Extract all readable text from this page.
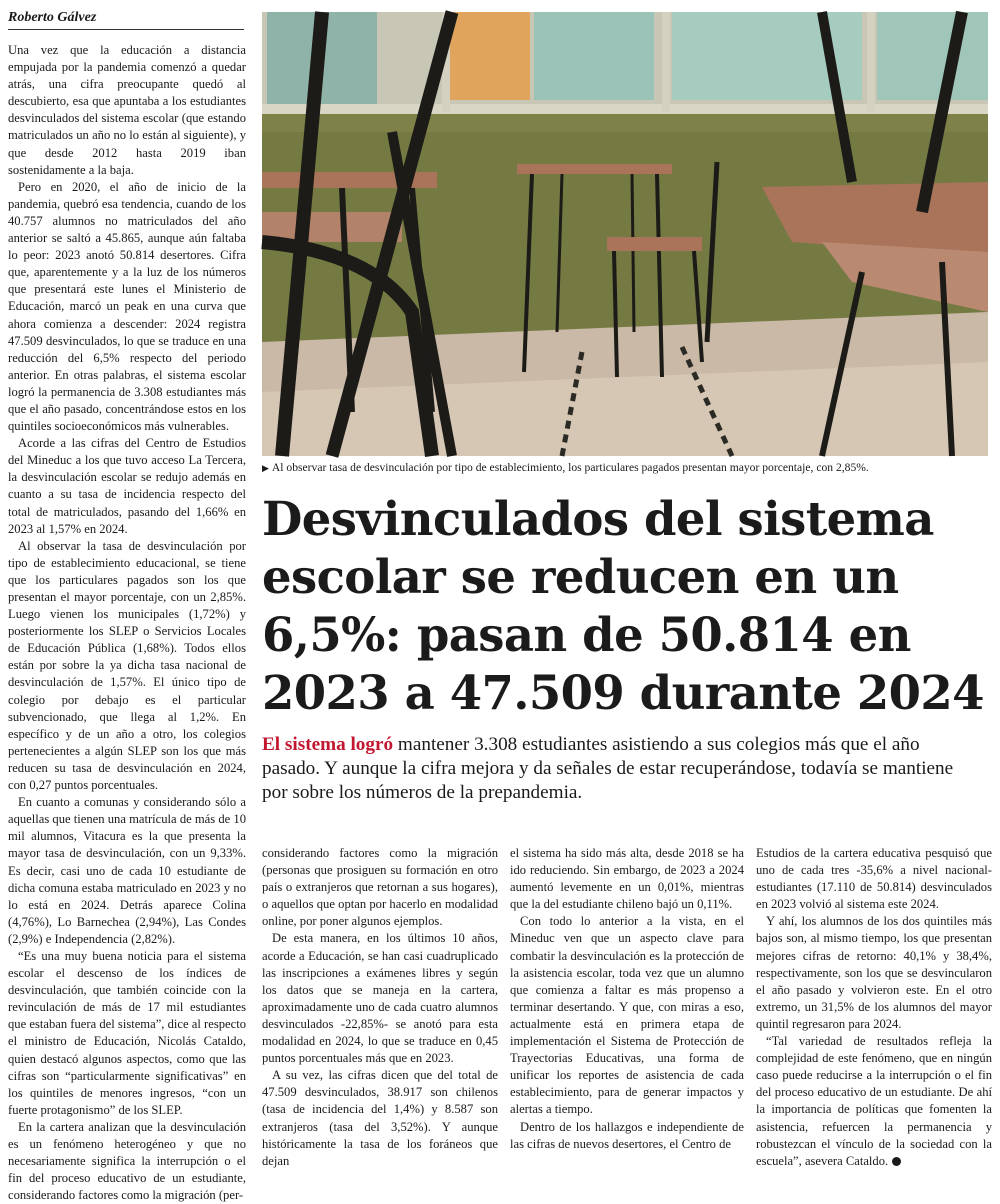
Roberto Gálvez

Una vez que la educación a distancia empujada por la pandemia comenzó a quedar atrás, una cifra preocupante quedó al descubierto, esa que apuntaba a los estudiantes desvinculados del sistema escolar (que estando matriculados un año no lo están al siguiente), y que desde 2012 hasta 2019 iban sostenidamente a la baja.

Pero en 2020, el año de inicio de la pandemia, quebró esa tendencia, cuando de los 40.757 alumnos no matriculados del año anterior se saltó a 45.865, aunque aún faltaba lo peor: 2023 anotó 50.814 desertores. Cifra que, aparentemente y a la luz de los números que presentará este lunes el Ministerio de Educación, marcó un peak en una curva que ahora comienza a descender: 2024 registra 47.509 desvinculados, lo que se traduce en una reducción del 6,5% respecto del periodo anterior. En otras palabras, el sistema escolar logró la permanencia de 3.308 estudiantes más que el año pasado, concentrándose estos en los quintiles socioeconómicos más vulnerables.

Acorde a las cifras del Centro de Estudios del Mineduc a los que tuvo acceso La Tercera, la desvinculación escolar se redujo además en cuanto a su tasa de incidencia respecto del total de matriculados, pasando del 1,66% en 2023 al 1,57% en 2024.

Al observar la tasa de desvinculación por tipo de establecimiento educacional, se tiene que los particulares pagados son los que presentan el mayor porcentaje, con un 2,85%. Luego vienen los municipales (1,72%) y posteriormente los SLEP o Servicios Locales de Educación Pública (1,68%). Todos ellos están por sobre la ya dicha tasa nacional de desvinculación de 1,57%. El único tipo de colegio por debajo es el particular subvencionado, que llega al 1,2%. En específico y de un año a otro, los colegios pertenecientes a algún SLEP son los que más reducen su tasa de desvinculación en 2024, con 0,27 puntos porcentuales.

En cuanto a comunas y considerando sólo a aquellas que tienen una matrícula de más de 10 mil alumnos, Vitacura es la que presenta la mayor tasa de desvinculación, con un 9,33%. Es decir, casi uno de cada 10 estudiante de dicha comuna estaba matriculado en 2023 y no lo está en 2024. Detrás aparece Colina (4,76%), Lo Barnechea (2,94%), Las Condes (2,9%) e Independencia (2,82%).

“Es una muy buena noticia para el sistema escolar el descenso de los índices de desvinculación, que también coincide con la revinculación de más de 17 mil estudiantes que estaban fuera del sistema”, dice al respecto el ministro de Educación, Nicolás Cataldo, quien destacó algunos aspectos, como que las cifras son “particularmente significativas” en los quintiles de menores ingresos, “con un fuerte protagonismo” de los SLEP.

En la cartera analizan que la desvinculación es un fenómeno heterogéneo y que no necesariamente significa la interrupción o el fin del proceso educativo de un estudiante, considerando factores como la migración (per-

▶ Al observar tasa de desvinculación por tipo de establecimiento, los particulares pagados presentan mayor porcentaje, con 2,85%.
Desvinculados del sistema escolar se reducen en un 6,5%: pasan de 50.814 en 2023 a 47.509 durante 2024

El sistema logró mantener 3.308 estudiantes asistiendo a sus colegios más que el año pasado. Y aunque la cifra mejora y da señales de estar recuperándose, todavía se mantiene por sobre los números de la prepandemia.

considerando factores como la migración (personas que prosiguen su formación en otro país o extranjeros que retornan a sus hogares), o aquellos que optan por hacerlo en modalidad online, por poner algunos ejemplos.

De esta manera, en los últimos 10 años, acorde a Educación, se han casi cuadruplicado las inscripciones a exámenes libres y según los datos que se maneja en la cartera, aproximadamente uno de cada cuatro alumnos desvinculados -22,85%- se anotó para esta modalidad en 2024, lo que se traduce en 0,45 puntos porcentuales más que en 2023.

A su vez, las cifras dicen que del total de 47.509 desvinculados, 38.917 son chilenos (tasa de incidencia del 1,4%) y 8.587 son extranjeros (tasa del 3,52%). Y aunque históricamente la tasa de los foráneos que dejan

el sistema ha sido más alta, desde 2018 se ha ido reduciendo. Sin embargo, de 2023 a 2024 aumentó levemente en un 0,01%, mientras que la del estudiante chileno bajó un 0,11%.

Con todo lo anterior a la vista, en el Mineduc ven que un aspecto clave para combatir la desvinculación es la protección de la asistencia escolar, toda vez que un alumno que comienza a faltar es más propenso a terminar desertando. Y que, con miras a eso, actualmente está en primera etapa de implementación el Sistema de Protección de Trayectorias Educativas, una forma de unificar los reportes de asistencia de cada establecimiento, para de generar impactos y alertas a tiempo.

Dentro de los hallazgos e independiente de las cifras de nuevos desertores, el Centro de

Estudios de la cartera educativa pesquisó que uno de cada tres -35,6% a nivel nacional- estudiantes (17.110 de 50.814) desvinculados en 2023 volvió al sistema este 2024.

Y ahí, los alumnos de los dos quintiles más bajos son, al mismo tiempo, los que presentan mejores cifras de retorno: 40,1% y 38,4%, respectivamente, son los que se desvincularon el año pasado y volvieron este. En el otro extremo, un 31,5% de los alumnos del mayor quintil regresaron para 2024.

“Tal variedad de resultados refleja la complejidad de este fenómeno, que en ningún caso puede reducirse a la interrupción o el fin del proceso educativo de un estudiante. De ahí la importancia de políticas que fomenten la asistencia, refuercen la permanencia y robustezcan el vínculo de la sociedad con la escuela”, asevera Cataldo.
